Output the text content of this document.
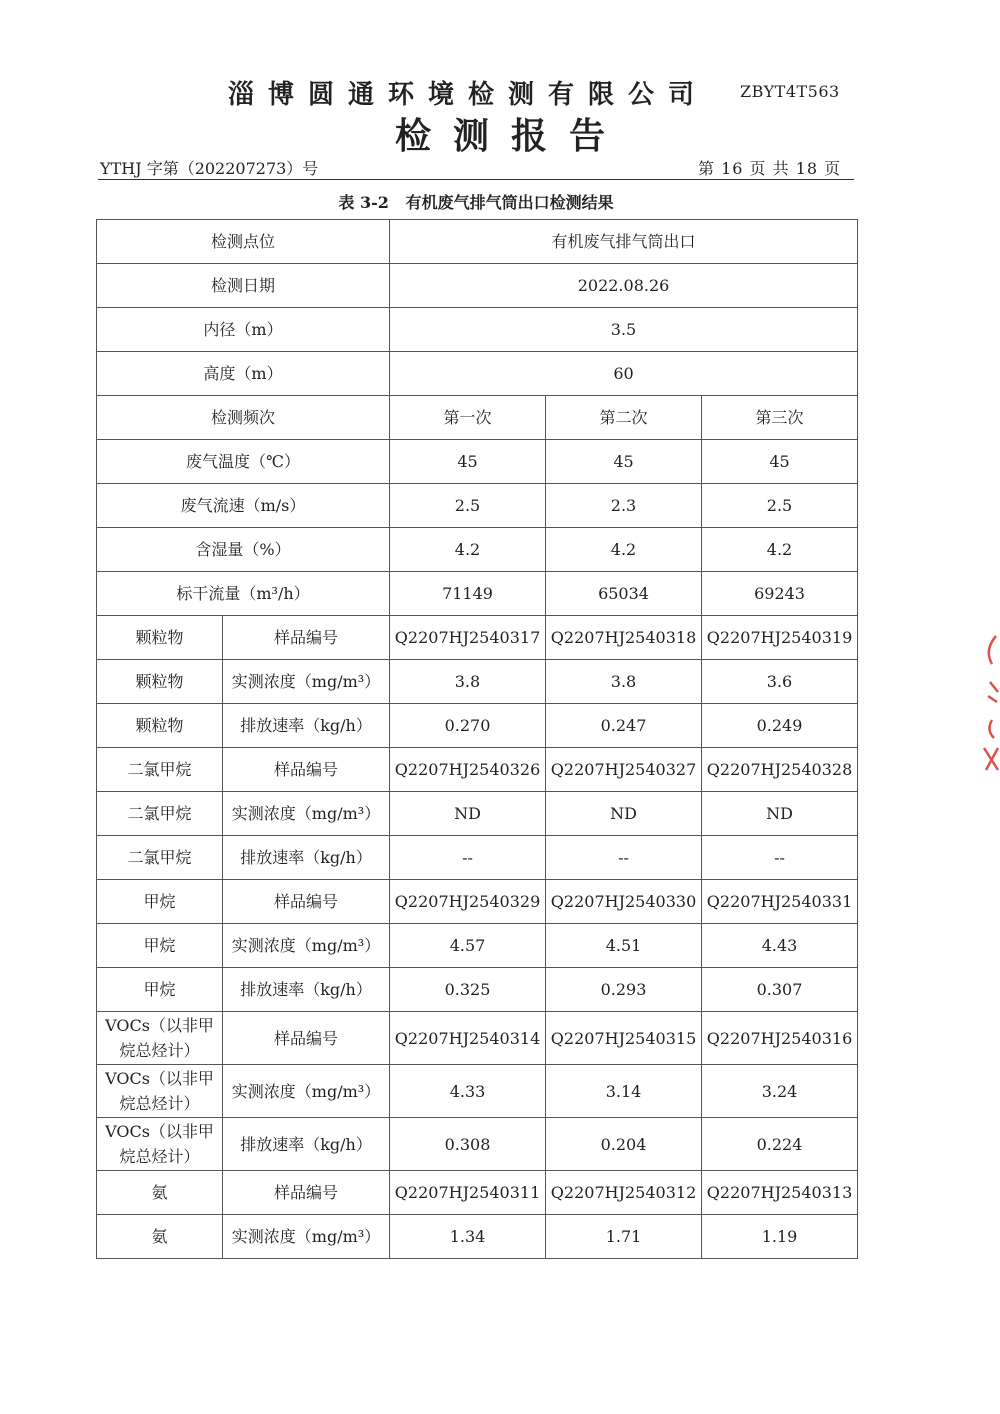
淄博圆通环境检测有限公司 ZBYT4T563
检测报告
YTHJ 字第（202207273）号	第 16 页 共 18 页
表 3-2   有机废气排气筒出口检测结果
检测点位		有机废气排气筒出口		
检测日期		2022.08.26		
内径（m）		3.5		
高度（m）		60		
检测频次		第一次	第二次	第三次
废气温度（℃）		45	45	45
废气流速（m/s）		2.5	2.3	2.5
含湿量（%）		4.2	4.2	4.2
标干流量（m³/h）		71149	65034	69243
颗粒物	样品编号	Q2207HJ2540317	Q2207HJ2540318	Q2207HJ2540319
颗粒物	实测浓度（mg/m³）	3.8	3.8	3.6
颗粒物	排放速率（kg/h）	0.270	0.247	0.249
二氯甲烷	样品编号	Q2207HJ2540326	Q2207HJ2540327	Q2207HJ2540328
二氯甲烷	实测浓度（mg/m³）	ND	ND	ND
二氯甲烷	排放速率（kg/h）	--	--	--
甲烷	样品编号	Q2207HJ2540329	Q2207HJ2540330	Q2207HJ2540331
甲烷	实测浓度（mg/m³）	4.57	4.51	4.43
甲烷	排放速率（kg/h）	0.325	0.293	0.307
VOCs（以非甲烷总烃计）	样品编号	Q2207HJ2540314	Q2207HJ2540315	Q2207HJ2540316
VOCs（以非甲烷总烃计）	实测浓度（mg/m³）	4.33	3.14	3.24
VOCs（以非甲烷总烃计）	排放速率（kg/h）	0.308	0.204	0.224
氨	样品编号	Q2207HJ2540311	Q2207HJ2540312	Q2207HJ2540313
氨	实测浓度（mg/m³）	1.34	1.71	1.19
